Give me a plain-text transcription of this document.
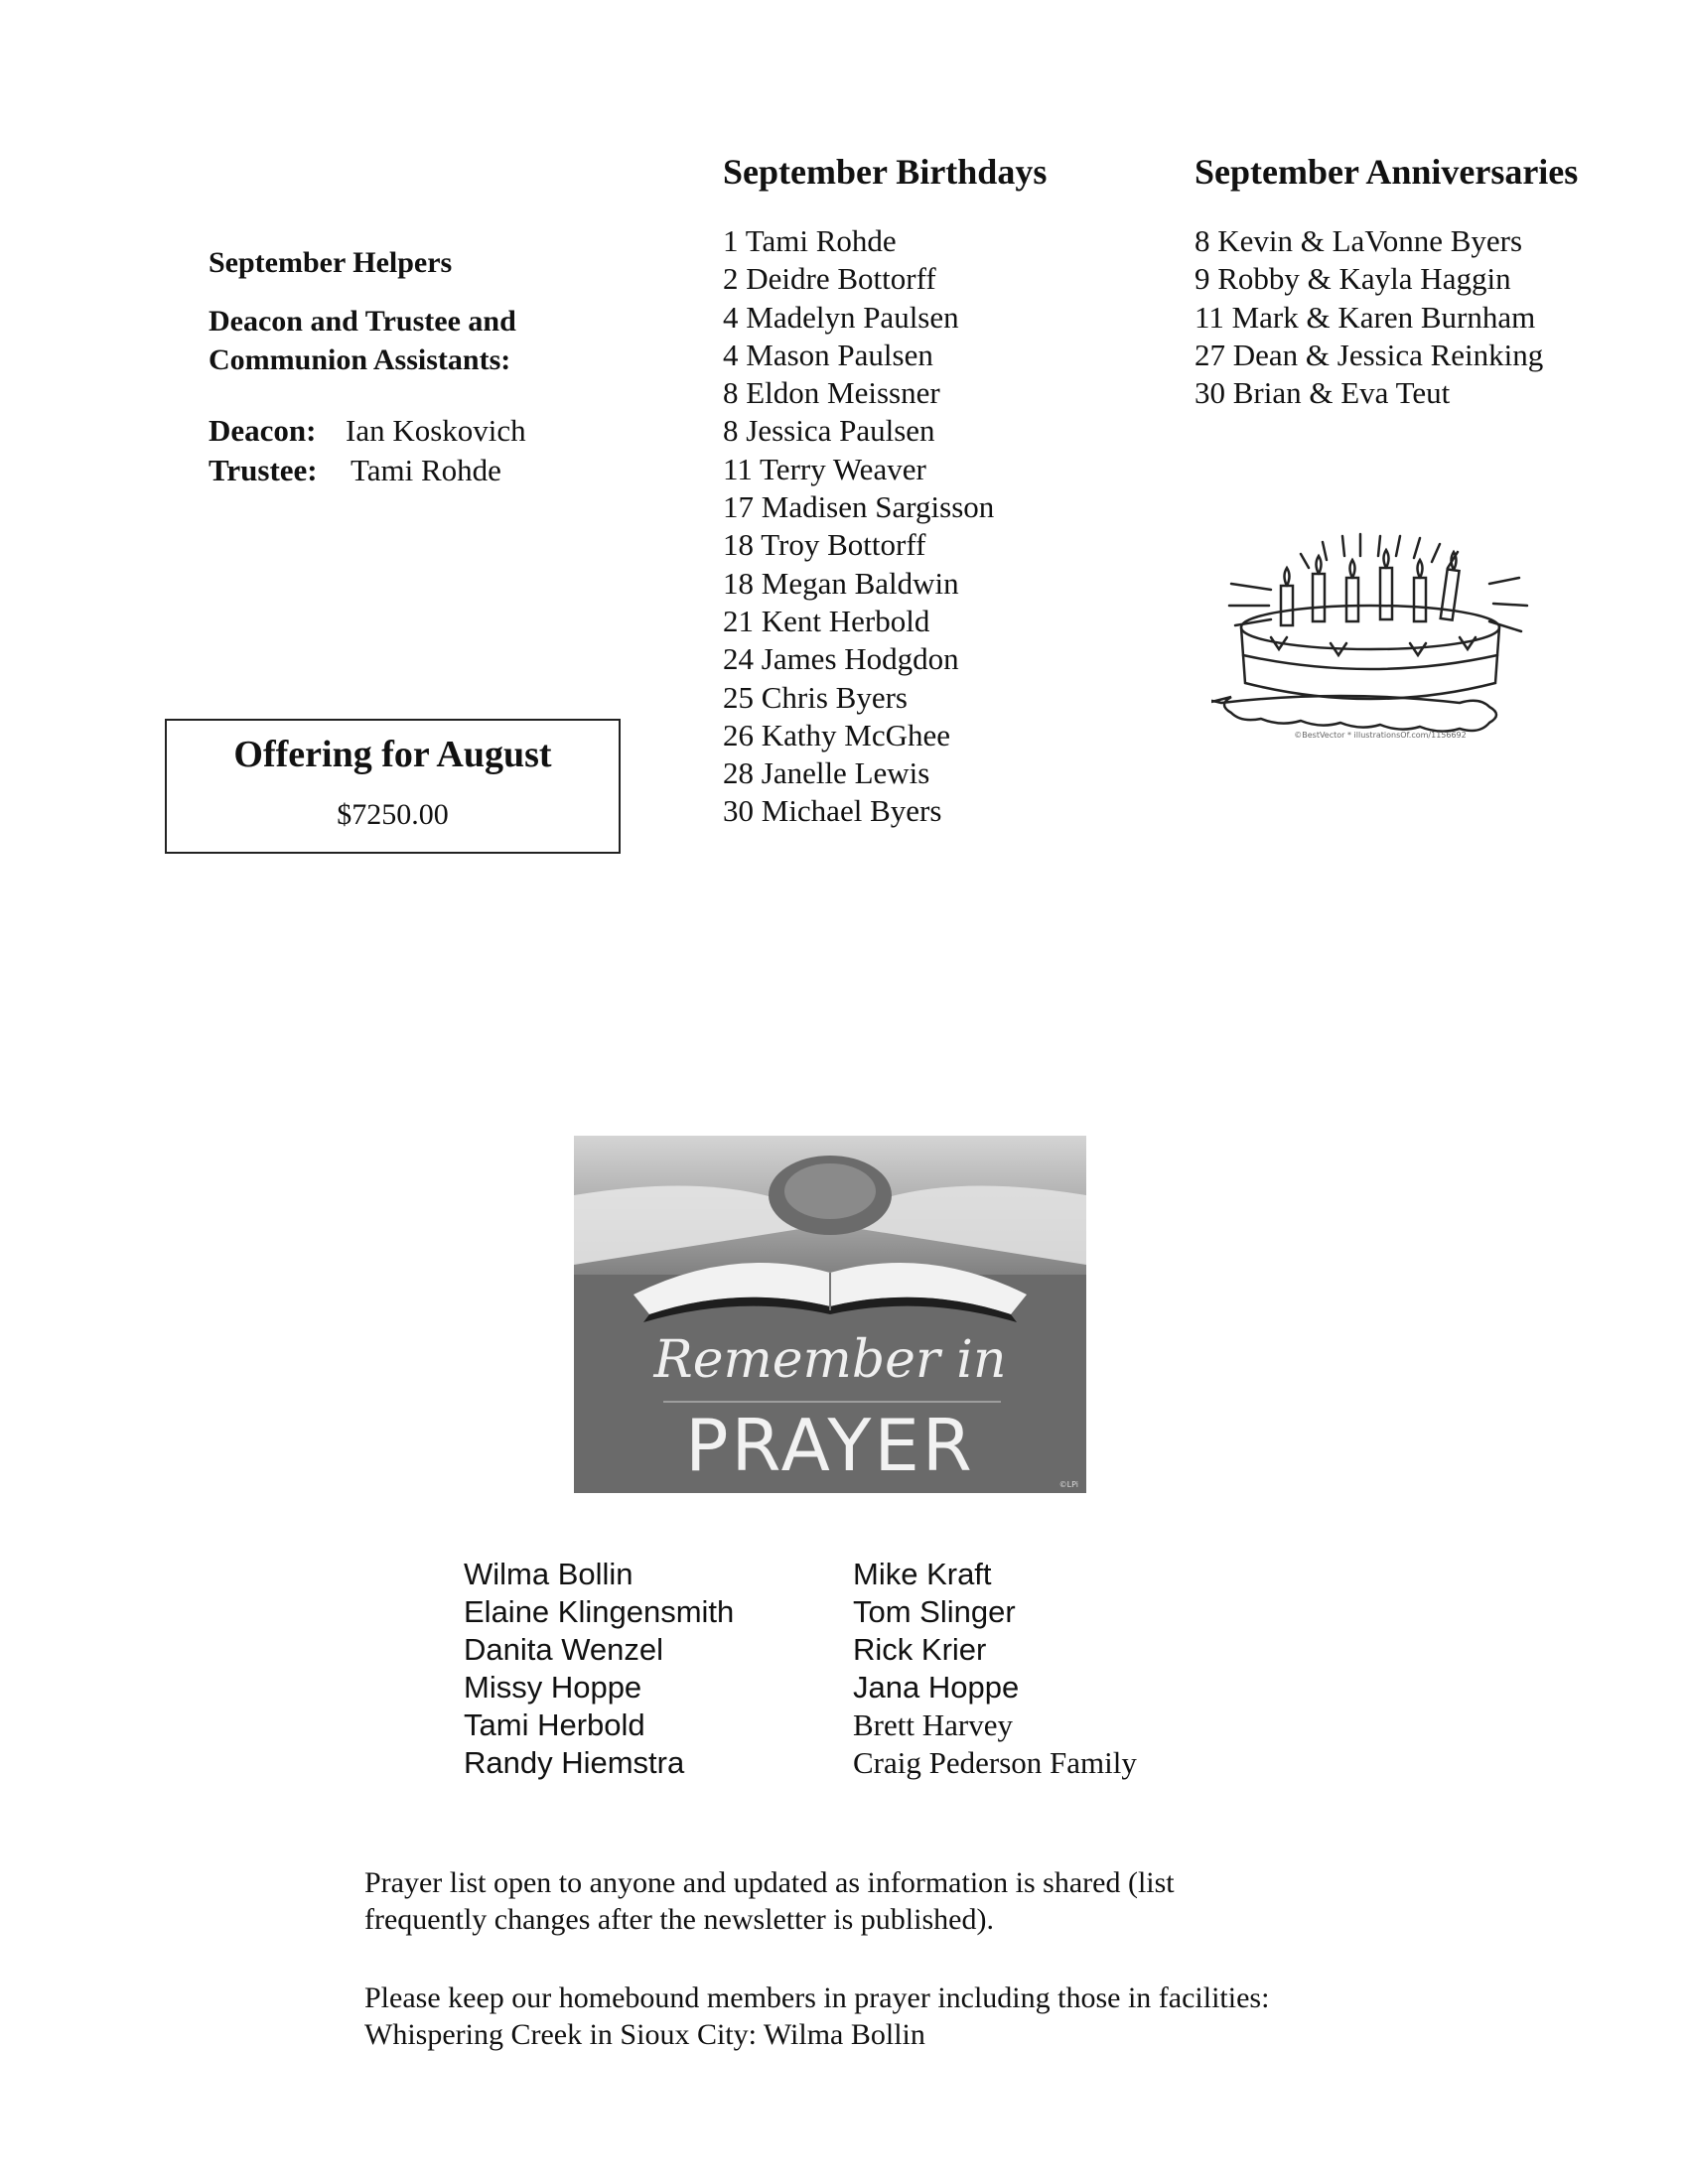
September Helpers
Deacon and Trustee and
Communion Assistants:
Deacon: Ian Koskovich
Trustee: Tami Rohde
Offering for August
$7250.00
September Birthdays
1 Tami Rohde
2 Deidre Bottorff
4 Madelyn Paulsen
4 Mason Paulsen
8 Eldon Meissner
8 Jessica Paulsen
11 Terry Weaver
17 Madisen Sargisson
18 Troy Bottorff
18 Megan Baldwin
21 Kent Herbold
24 James Hodgdon
25 Chris Byers
26 Kathy McGhee
28 Janelle Lewis
30 Michael Byers
September Anniversaries
8 Kevin & LaVonne Byers
9 Robby & Kayla Haggin
11 Mark & Karen Burnham
27 Dean & Jessica Reinking
30 Brian & Eva Teut
©BestVector * illustrationsOf.com/1156692
Remember in
PRAYER	©LPi
Wilma Bollin
Elaine Klingensmith
Danita Wenzel
Missy Hoppe
Tami Herbold
Randy Hiemstra
Mike Kraft
Tom Slinger
Rick Krier
Jana Hoppe
Brett Harvey
Craig Pederson Family
Prayer list open to anyone and updated as information is shared (list
frequently changes after the newsletter is published).
Please keep our homebound members in prayer including those in facilities:
Whispering Creek in Sioux City: Wilma Bollin
